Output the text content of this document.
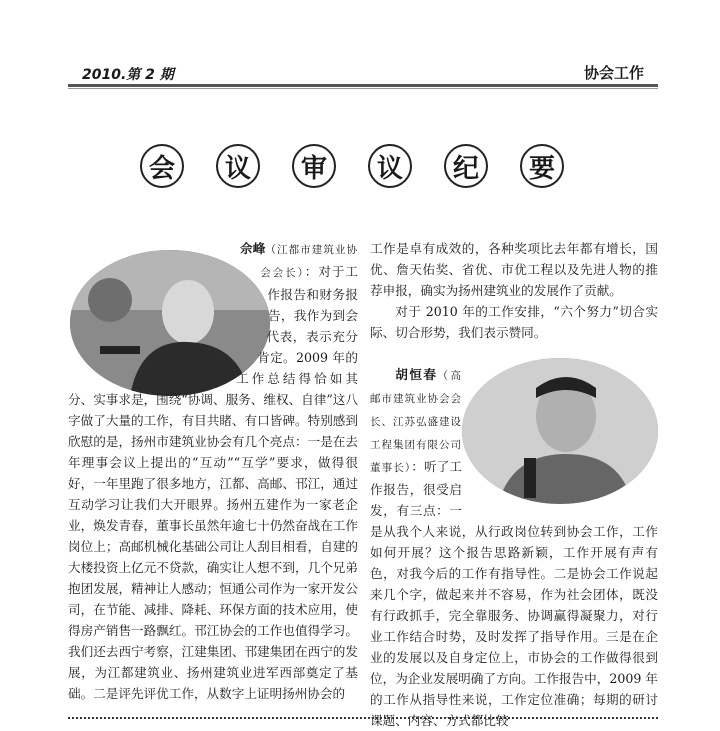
2010.第 2 期	协会工作
会	议	审	议	纪	要

佘峰（江都市建筑业协会会长）：对于工作报告和财务报告，我作为到会代表，表示充分肯定。2009 年的工作总结得恰如其分、实事求是，围绕“协调、服务、维权、自律”这八字做了大量的工作，有目共睹、有口皆碑。特别感到欣慰的是，扬州市建筑业协会有几个亮点：一是在去年理事会议上提出的“互动”“互学”要求，做得很好，一年里跑了很多地方，江都、高邮、邗江，通过互动学习让我们大开眼界。扬州五建作为一家老企业，焕发青春，董事长虽然年逾七十仍然奋战在工作岗位上；高邮机械化基础公司让人刮目相看，自建的大楼投资上亿元不贷款，确实让人想不到，几个兄弟抱团发展，精神让人感动；恒通公司作为一家开发公司，在节能、减排、降耗、环保方面的技术应用，使得房产销售一路飘红。邗江协会的工作也值得学习。我们还去西宁考察，江建集团、邗建集团在西宁的发展，为江都建筑业、扬州建筑业进军西部奠定了基础。二是评先评优工作，从数字上证明扬州协会的

工作是卓有成效的，各种奖项比去年都有增长，国优、詹天佑奖、省优、市优工程以及先进人物的推荐申报，确实为扬州建筑业的发展作了贡献。

对于 2010 年的工作安排，“六个努力”切合实际、切合形势，我们表示赞同。

胡恒春（高邮市建筑业协会会长、江苏弘盛建设工程集团有限公司董事长）：听了工作报告，很受启发，有三点：一是从我个人来说，从行政岗位转到协会工作，工作如何开展？这个报告思路新颖，工作开展有声有色，对我今后的工作有指导性。二是协会工作说起来几个字，做起来并不容易，作为社会团体，既没有行政抓手，完全靠服务、协调赢得凝聚力，对行业工作结合时势，及时发挥了指导作用。三是在企业的发展以及自身定位上，市协会的工作做得很到位，为企业发展明确了方向。工作报告中，2009 年的工作从指导性来说，工作定位准确；每期的研讨课题、内容、方式都比较
